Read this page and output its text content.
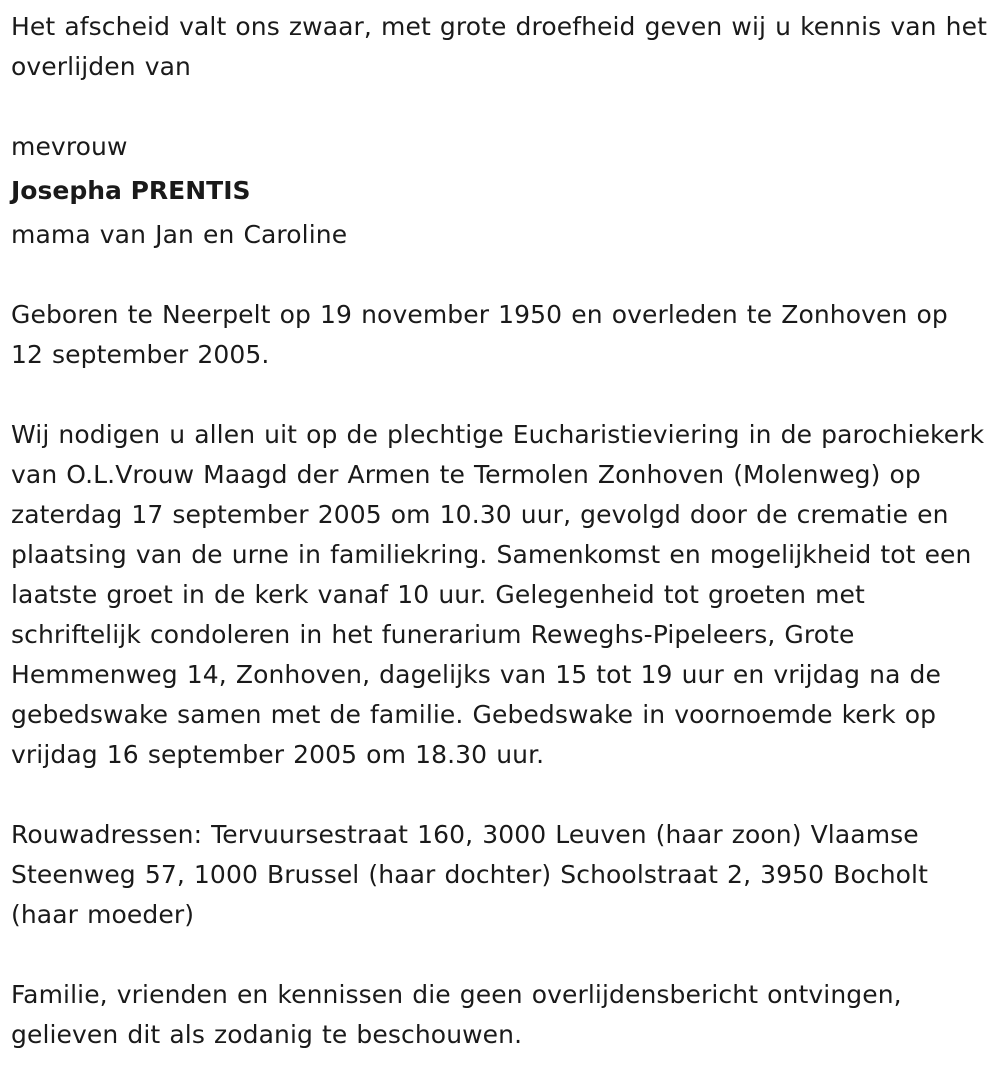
Het afscheid valt ons zwaar, met grote droefheid geven wij u kennis van het overlijden van

mevrouw

Josepha PRENTIS

mama van Jan en Caroline

Geboren te Neerpelt op 19 november 1950 en overleden te Zonhoven op 12 september 2005.

Wij nodigen u allen uit op de plechtige Eucharistieviering in de parochiekerk van O.L.Vrouw Maagd der Armen te Termolen Zonhoven (Molenweg) op zaterdag 17 september 2005 om 10.30 uur, gevolgd door de crematie en plaatsing van de urne in familiekring. Samenkomst en mogelijkheid tot een laatste groet in de kerk vanaf 10 uur. Gelegenheid tot groeten met schriftelijk condoleren in het funerarium Reweghs-Pipeleers, Grote Hemmenweg 14, Zonhoven, dagelijks van 15 tot 19 uur en vrijdag na de gebedswake samen met de familie. Gebedswake in voornoemde kerk op vrijdag 16 september 2005 om 18.30 uur.

Rouwadressen: Tervuursestraat 160, 3000 Leuven (haar zoon) Vlaamse Steenweg 57, 1000 Brussel (haar dochter) Schoolstraat 2, 3950 Bocholt (haar moeder)

Familie, vrienden en kennissen die geen overlijdensbericht ontvingen, gelieven dit als zodanig te beschouwen.
